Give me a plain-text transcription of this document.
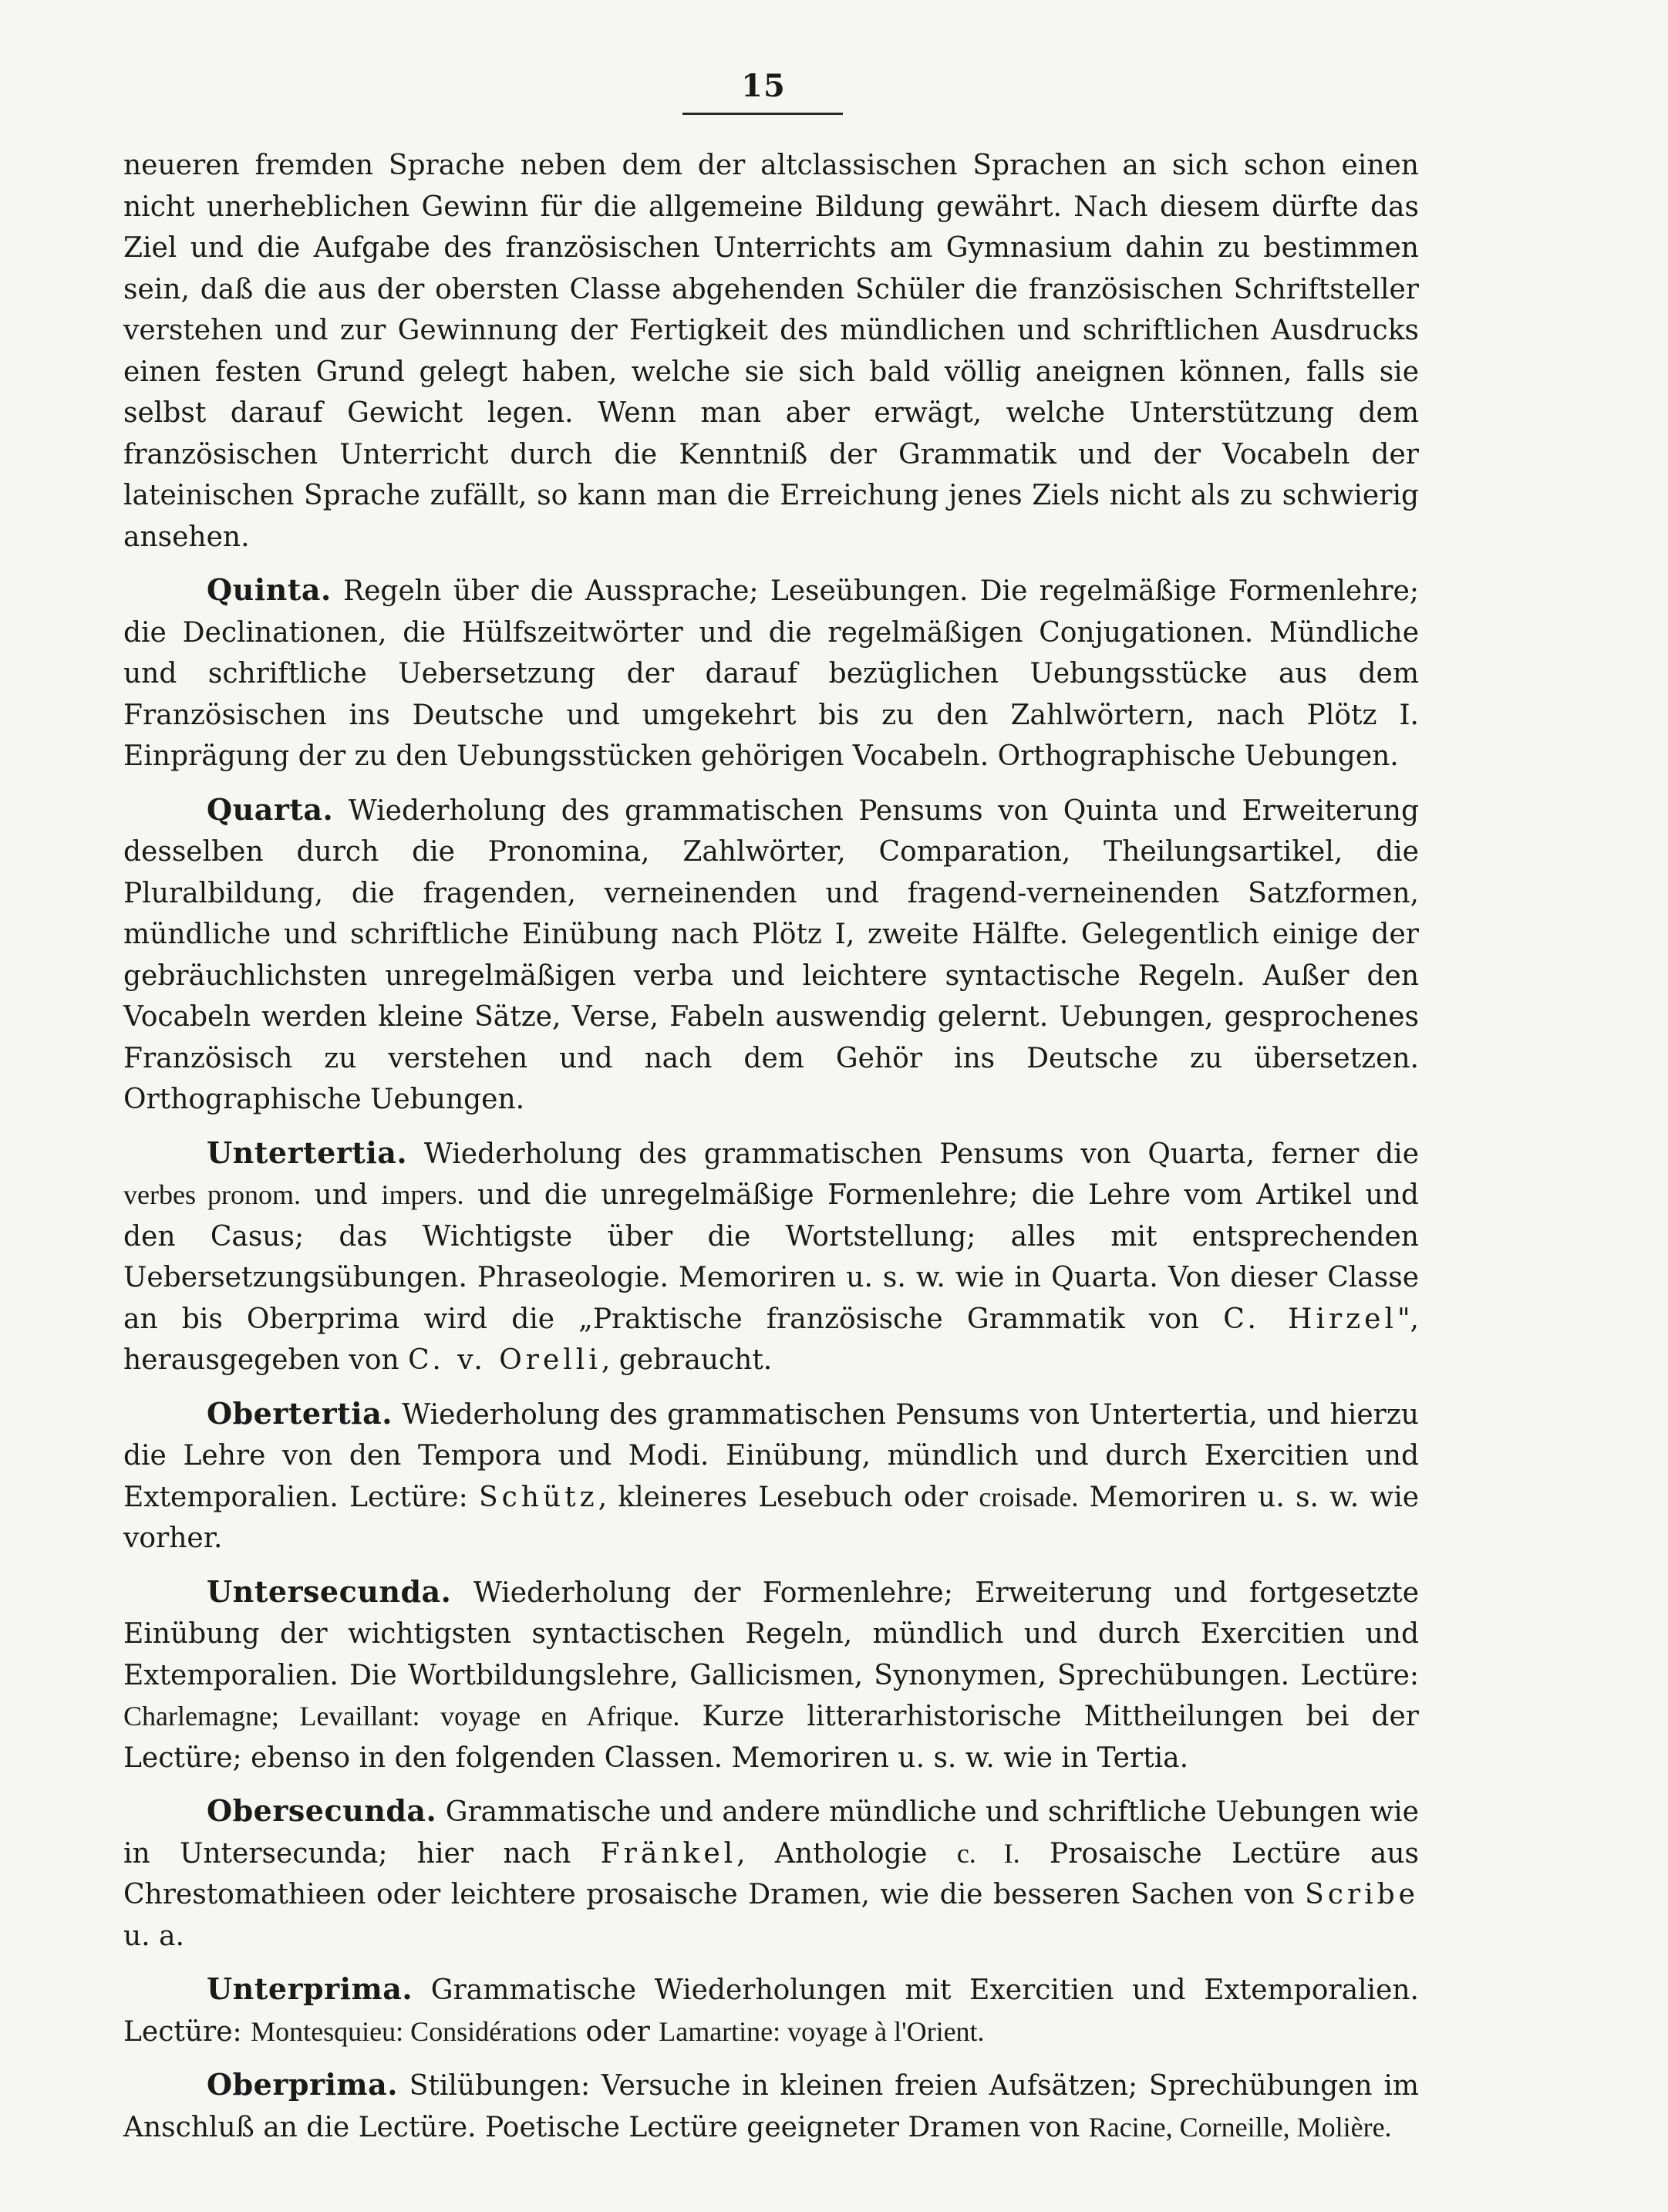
15

neueren fremden Sprache neben dem der altclassischen Sprachen an sich schon einen nicht unerheblichen Gewinn für die allgemeine Bildung gewährt. Nach diesem dürfte das Ziel und die Aufgabe des französischen Unterrichts am Gymnasium dahin zu bestimmen sein, daß die aus der obersten Classe abgehenden Schüler die französischen Schriftsteller verstehen und zur Gewinnung der Fertigkeit des mündlichen und schriftlichen Ausdrucks einen festen Grund gelegt haben, welche sie sich bald völlig aneignen können, falls sie selbst darauf Gewicht legen. Wenn man aber erwägt, welche Unterstützung dem französischen Unterricht durch die Kenntniß der Grammatik und der Vocabeln der lateinischen Sprache zufällt, so kann man die Erreichung jenes Ziels nicht als zu schwierig ansehen.

Quinta. Regeln über die Aussprache; Leseübungen. Die regelmäßige Formenlehre; die Declinationen, die Hülfszeitwörter und die regelmäßigen Conjugationen. Mündliche und schriftliche Uebersetzung der darauf bezüglichen Uebungsstücke aus dem Französischen ins Deutsche und umgekehrt bis zu den Zahlwörtern, nach Plötz I. Einprägung der zu den Uebungsstücken gehörigen Vocabeln. Orthographische Uebungen.

Quarta. Wiederholung des grammatischen Pensums von Quinta und Erweiterung desselben durch die Pronomina, Zahlwörter, Comparation, Theilungsartikel, die Pluralbildung, die fragenden, verneinenden und fragend-verneinenden Satzformen, mündliche und schriftliche Einübung nach Plötz I, zweite Hälfte. Gelegentlich einige der gebräuchlichsten unregelmäßigen verba und leichtere syntactische Regeln. Außer den Vocabeln werden kleine Sätze, Verse, Fabeln auswendig gelernt. Uebungen, gesprochenes Französisch zu verstehen und nach dem Gehör ins Deutsche zu übersetzen. Orthographische Uebungen.

Untertertia. Wiederholung des grammatischen Pensums von Quarta, ferner die verbes pronom. und impers. und die unregelmäßige Formenlehre; die Lehre vom Artikel und den Casus; das Wichtigste über die Wortstellung; alles mit entsprechenden Uebersetzungsübungen. Phraseologie. Memoriren u. s. w. wie in Quarta. Von dieser Classe an bis Oberprima wird die „Praktische französische Grammatik von C. Hirzel", herausgegeben von C. v. Orelli, gebraucht.

Obertertia. Wiederholung des grammatischen Pensums von Untertertia, und hierzu die Lehre von den Tempora und Modi. Einübung, mündlich und durch Exercitien und Extemporalien. Lectüre: Schütz, kleineres Lesebuch oder croisade. Memoriren u. s. w. wie vorher.

Untersecunda. Wiederholung der Formenlehre; Erweiterung und fortgesetzte Einübung der wichtigsten syntactischen Regeln, mündlich und durch Exercitien und Extemporalien. Die Wortbildungslehre, Gallicismen, Synonymen, Sprechübungen. Lectüre: Charlemagne; Levaillant: voyage en Afrique. Kurze litterarhistorische Mittheilungen bei der Lectüre; ebenso in den folgenden Classen. Memoriren u. s. w. wie in Tertia.

Obersecunda. Grammatische und andere mündliche und schriftliche Uebungen wie in Untersecunda; hier nach Fränkel, Anthologie c. I. Prosaische Lectüre aus Chrestomathieen oder leichtere prosaische Dramen, wie die besseren Sachen von Scribe u. a.

Unterprima. Grammatische Wiederholungen mit Exercitien und Extemporalien. Lectüre: Montesquieu: Considérations oder Lamartine: voyage à l'Orient.

Oberprima. Stilübungen: Versuche in kleinen freien Aufsätzen; Sprechübungen im Anschluß an die Lectüre. Poetische Lectüre geeigneter Dramen von Racine, Corneille, Molière.
